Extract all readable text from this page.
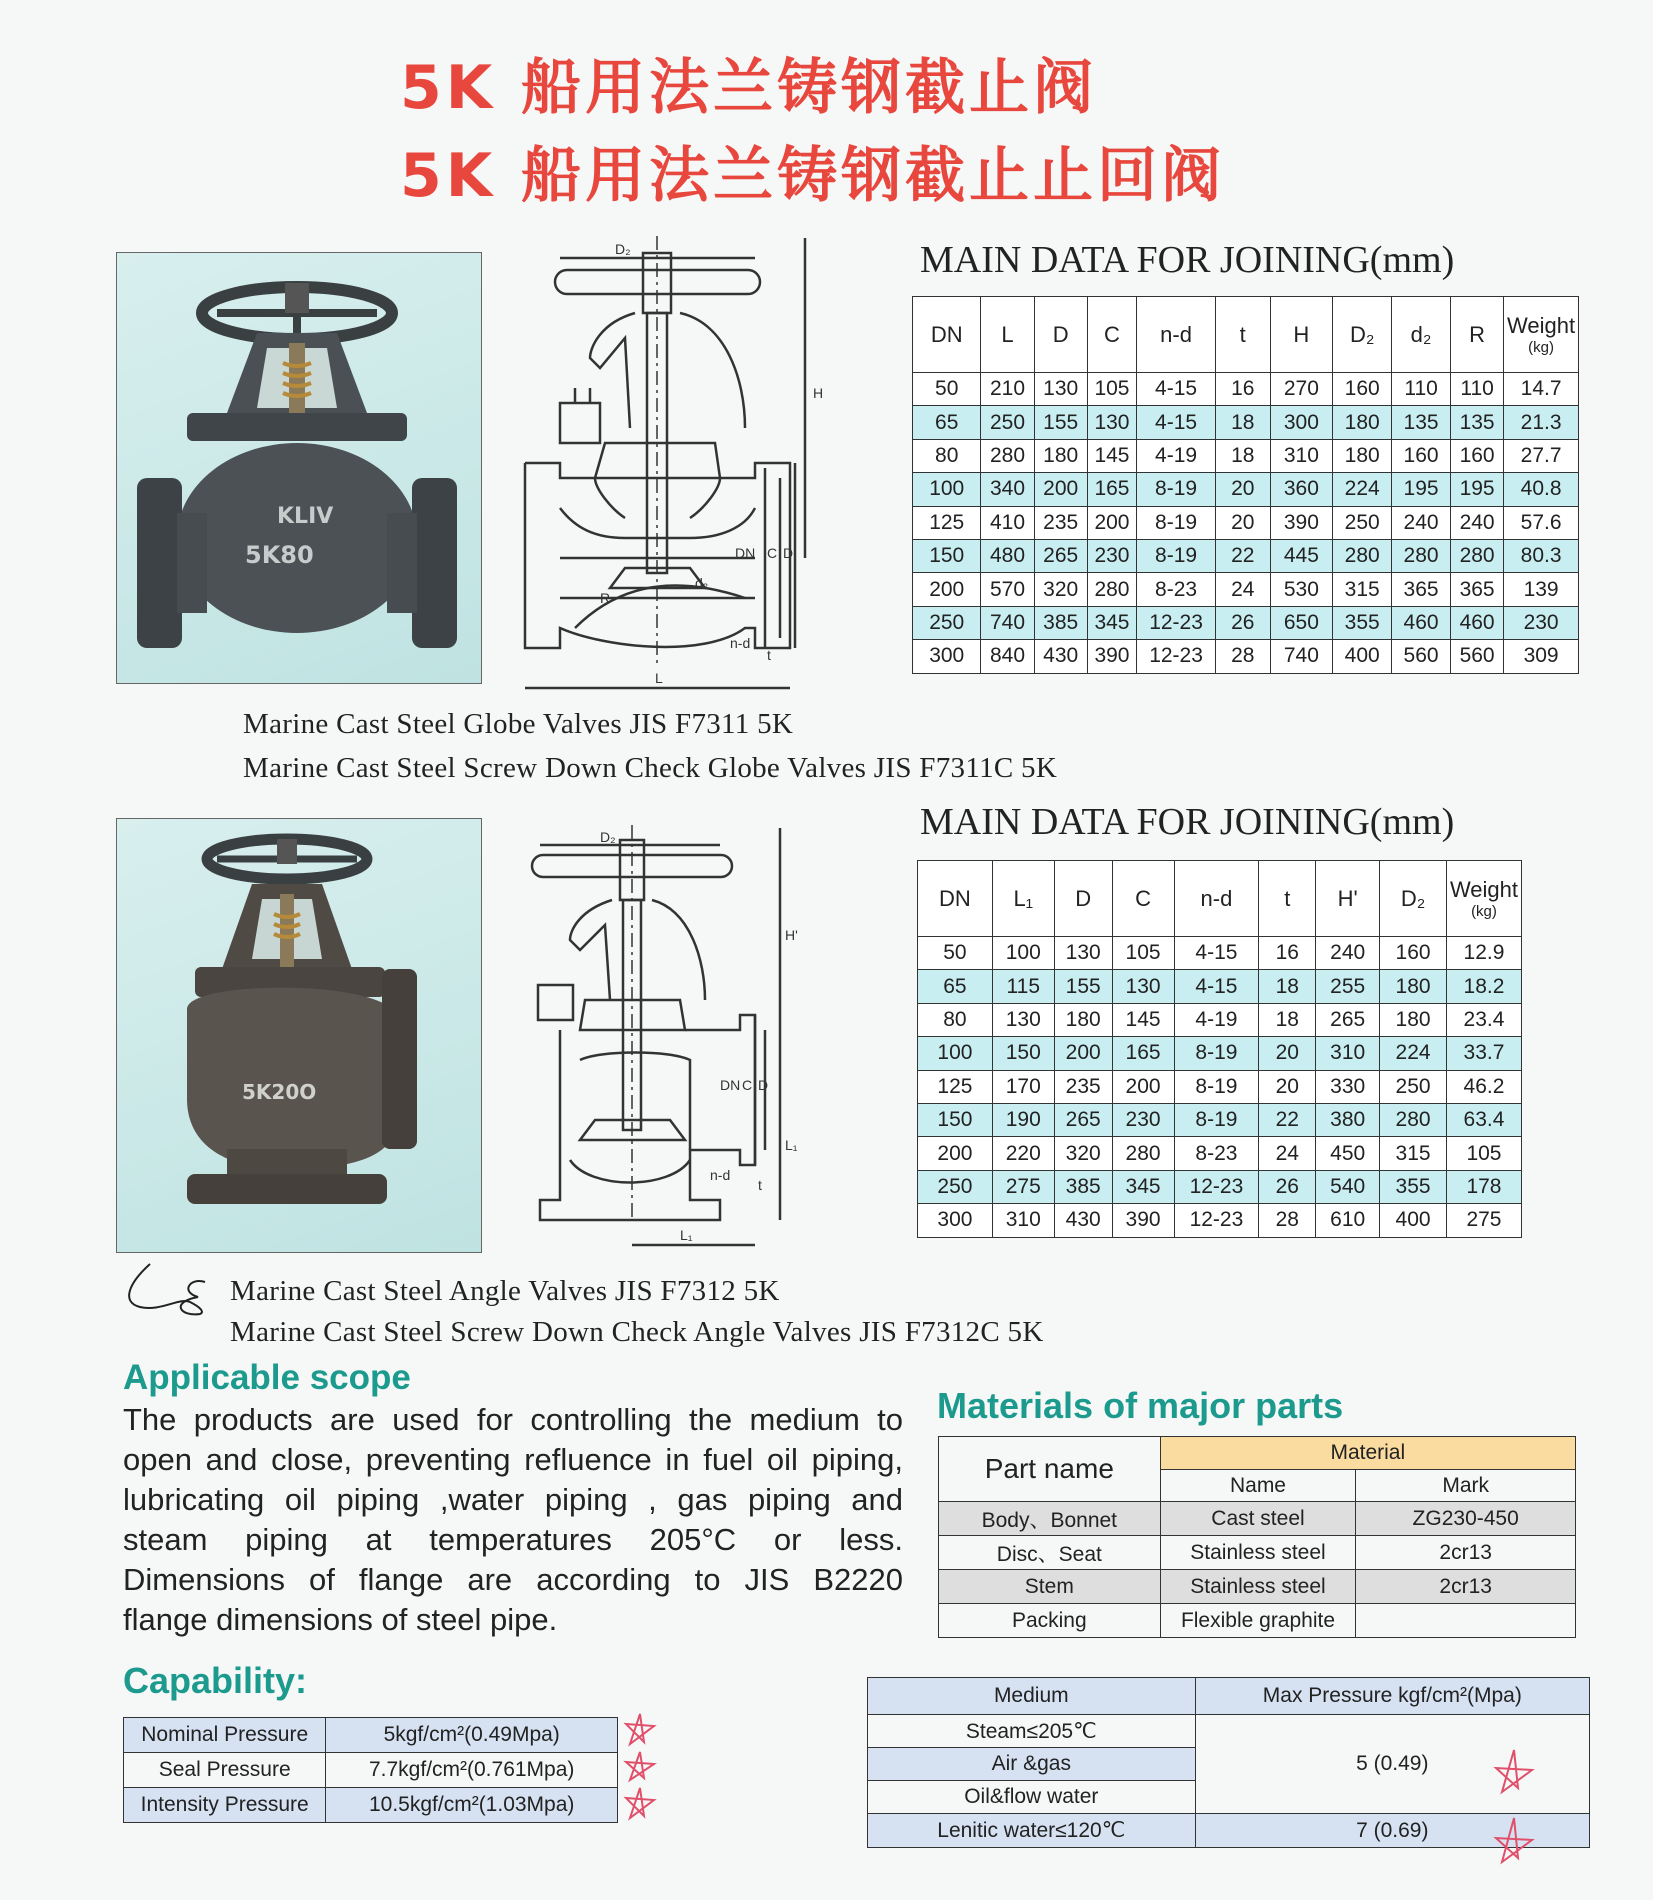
5K 船用法兰铸钢截止阀
5K 船用法兰铸钢截止止回阀
KLIV
5K80
D₂
H
DN C D
R
d₂
n-d
t
L
MAIN DATA FOR JOINING(mm)
DN	L	D	C	n-d	t	H	D₂	d₂	R	Weight
(kg)

50	210	130	105	4-15	16	270	160	110	110	14.7
65	250	155	130	4-15	18	300	180	135	135	21.3
80	280	180	145	4-19	18	310	180	160	160	27.7
100	340	200	165	8-19	20	360	224	195	195	40.8
125	410	235	200	8-19	20	390	250	240	240	57.6
150	480	265	230	8-19	22	445	280	280	280	80.3
200	570	320	280	8-23	24	530	315	365	365	139
250	740	385	345	12-23	26	650	355	460	460	230
300	840	430	390	12-23	28	740	400	560	560	309
Marine Cast Steel Globe Valves JIS F7311 5K
Marine Cast Steel Screw Down Check Globe Valves JIS F7311C 5K
5K20O
D₂
H'
DN C D
L₁
n-d
t
L₁
MAIN DATA FOR JOINING(mm)
DN	L₁	D	C	n-d	t	H'	D₂	Weight
(kg)

50	100	130	105	4-15	16	240	160	12.9
65	115	155	130	4-15	18	255	180	18.2
80	130	180	145	4-19	18	265	180	23.4
100	150	200	165	8-19	20	310	224	33.7
125	170	235	200	8-19	20	330	250	46.2
150	190	265	230	8-19	22	380	280	63.4
200	220	320	280	8-23	24	450	315	105
250	275	385	345	12-23	26	540	355	178
300	310	430	390	12-23	28	610	400	275
Marine Cast Steel Angle Valves JIS F7312 5K
Marine Cast Steel Screw Down Check Angle Valves JIS F7312C 5K
Applicable scope
The products are used for controlling the medium to
open and close, preventing refluence in fuel oil piping,
lubricating oil piping ,water piping , gas piping and
steam piping at temperatures 205°C or less.
Dimensions of flange are according to JIS B2220
flange dimensions of steel pipe.
Materials of major parts
Part name	Material	
	Name	Mark
Body、Bonnet	Cast steel	ZG230-450
Disc、Seat	Stainless steel	2cr13
Stem	Stainless steel	2cr13
Packing	Flexible graphite	
Capability:
Nominal Pressure	5kgf/cm²(0.49Mpa)
Seal Pressure	7.7kgf/cm²(0.761Mpa)
Intensity Pressure	10.5kgf/cm²(1.03Mpa)
Medium	Max Pressure kgf/cm²(Mpa)
Steam≤205℃	5 (0.49)
Air &gas	
Oil&flow water	
Lenitic water≤120℃	7 (0.69)
